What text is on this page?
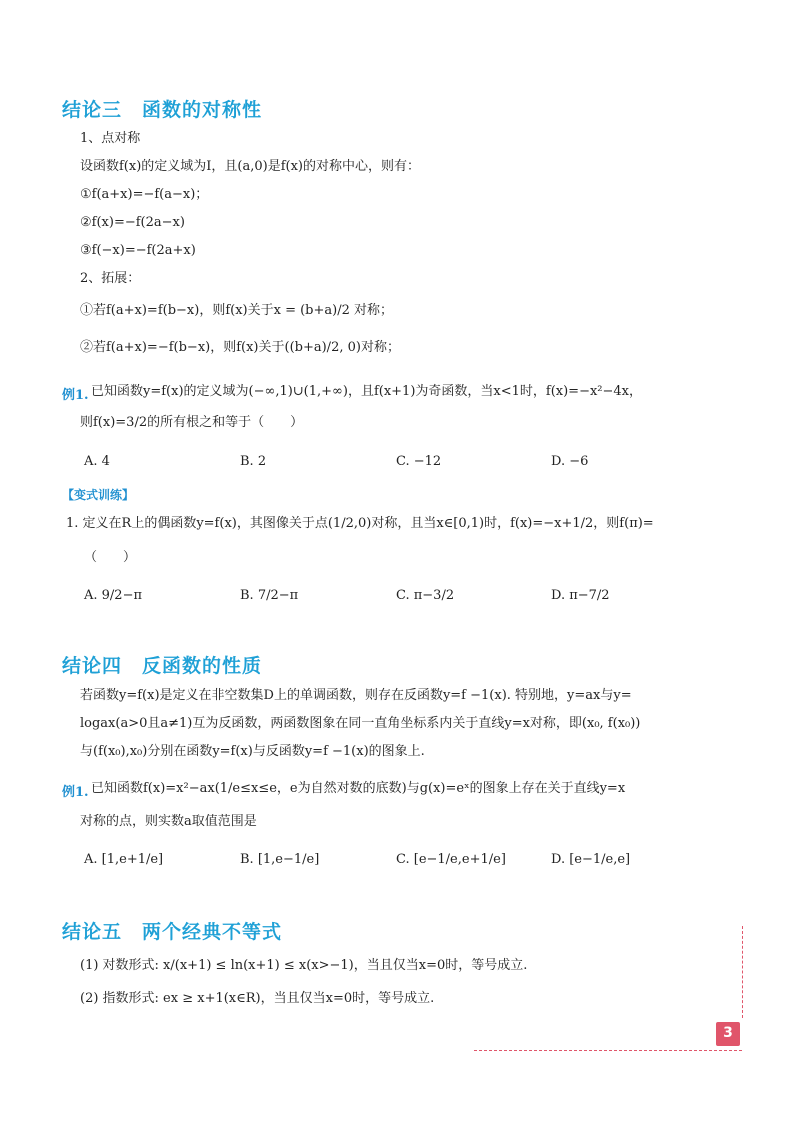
结论三　函数的对称性
1、点对称
设函数f(x)的定义域为I，且(a,0)是f(x)的对称中心，则有：
①f(a+x)=−f(a−x)；
②f(x)=−f(2a−x)
③f(−x)=−f(2a+x)
2、拓展：
①若f(a+x)=f(b−x)，则f(x)关于x = (b+a)/2 对称；
②若f(a+x)=−f(b−x)，则f(x)关于((b+a)/2, 0)对称；
例1. 已知函数y=f(x)的定义域为(−∞,1)∪(1,+∞)，且f(x+1)为奇函数，当x<1时，f(x)=−x²−4x，
则f(x)=3/2的所有根之和等于（　　）
A. 4	B. 2	C. −12	D. −6
【变式训练】
1. 定义在R上的偶函数y=f(x)，其图像关于点(1/2,0)对称，且当x∈[0,1)时，f(x)=−x+1/2，则f(π)=
（　　）
A. 9/2−π	B. 7/2−π	C. π−3/2	D. π−7/2
结论四　反函数的性质
若函数y=f(x)是定义在非空数集D上的单调函数，则存在反函数y=f −1(x). 特别地，y=ax与y=
logax(a>0且a≠1)互为反函数，两函数图象在同一直角坐标系内关于直线y=x对称，即(x₀, f(x₀))
与(f(x₀),x₀)分别在函数y=f(x)与反函数y=f −1(x)的图象上.
例1. 已知函数f(x)=x²−ax(1/e≤x≤e，e为自然对数的底数)与g(x)=eˣ的图象上存在关于直线y=x
对称的点，则实数a取值范围是
A. [1,e+1/e]	B. [1,e−1/e]	C. [e−1/e,e+1/e]	D. [e−1/e,e]
结论五　两个经典不等式
(1) 对数形式: x/(x+1) ≤ ln(x+1) ≤ x(x>−1)，当且仅当x=0时，等号成立.
(2) 指数形式: ex ≥ x+1(x∈R)，当且仅当x=0时，等号成立.
3
